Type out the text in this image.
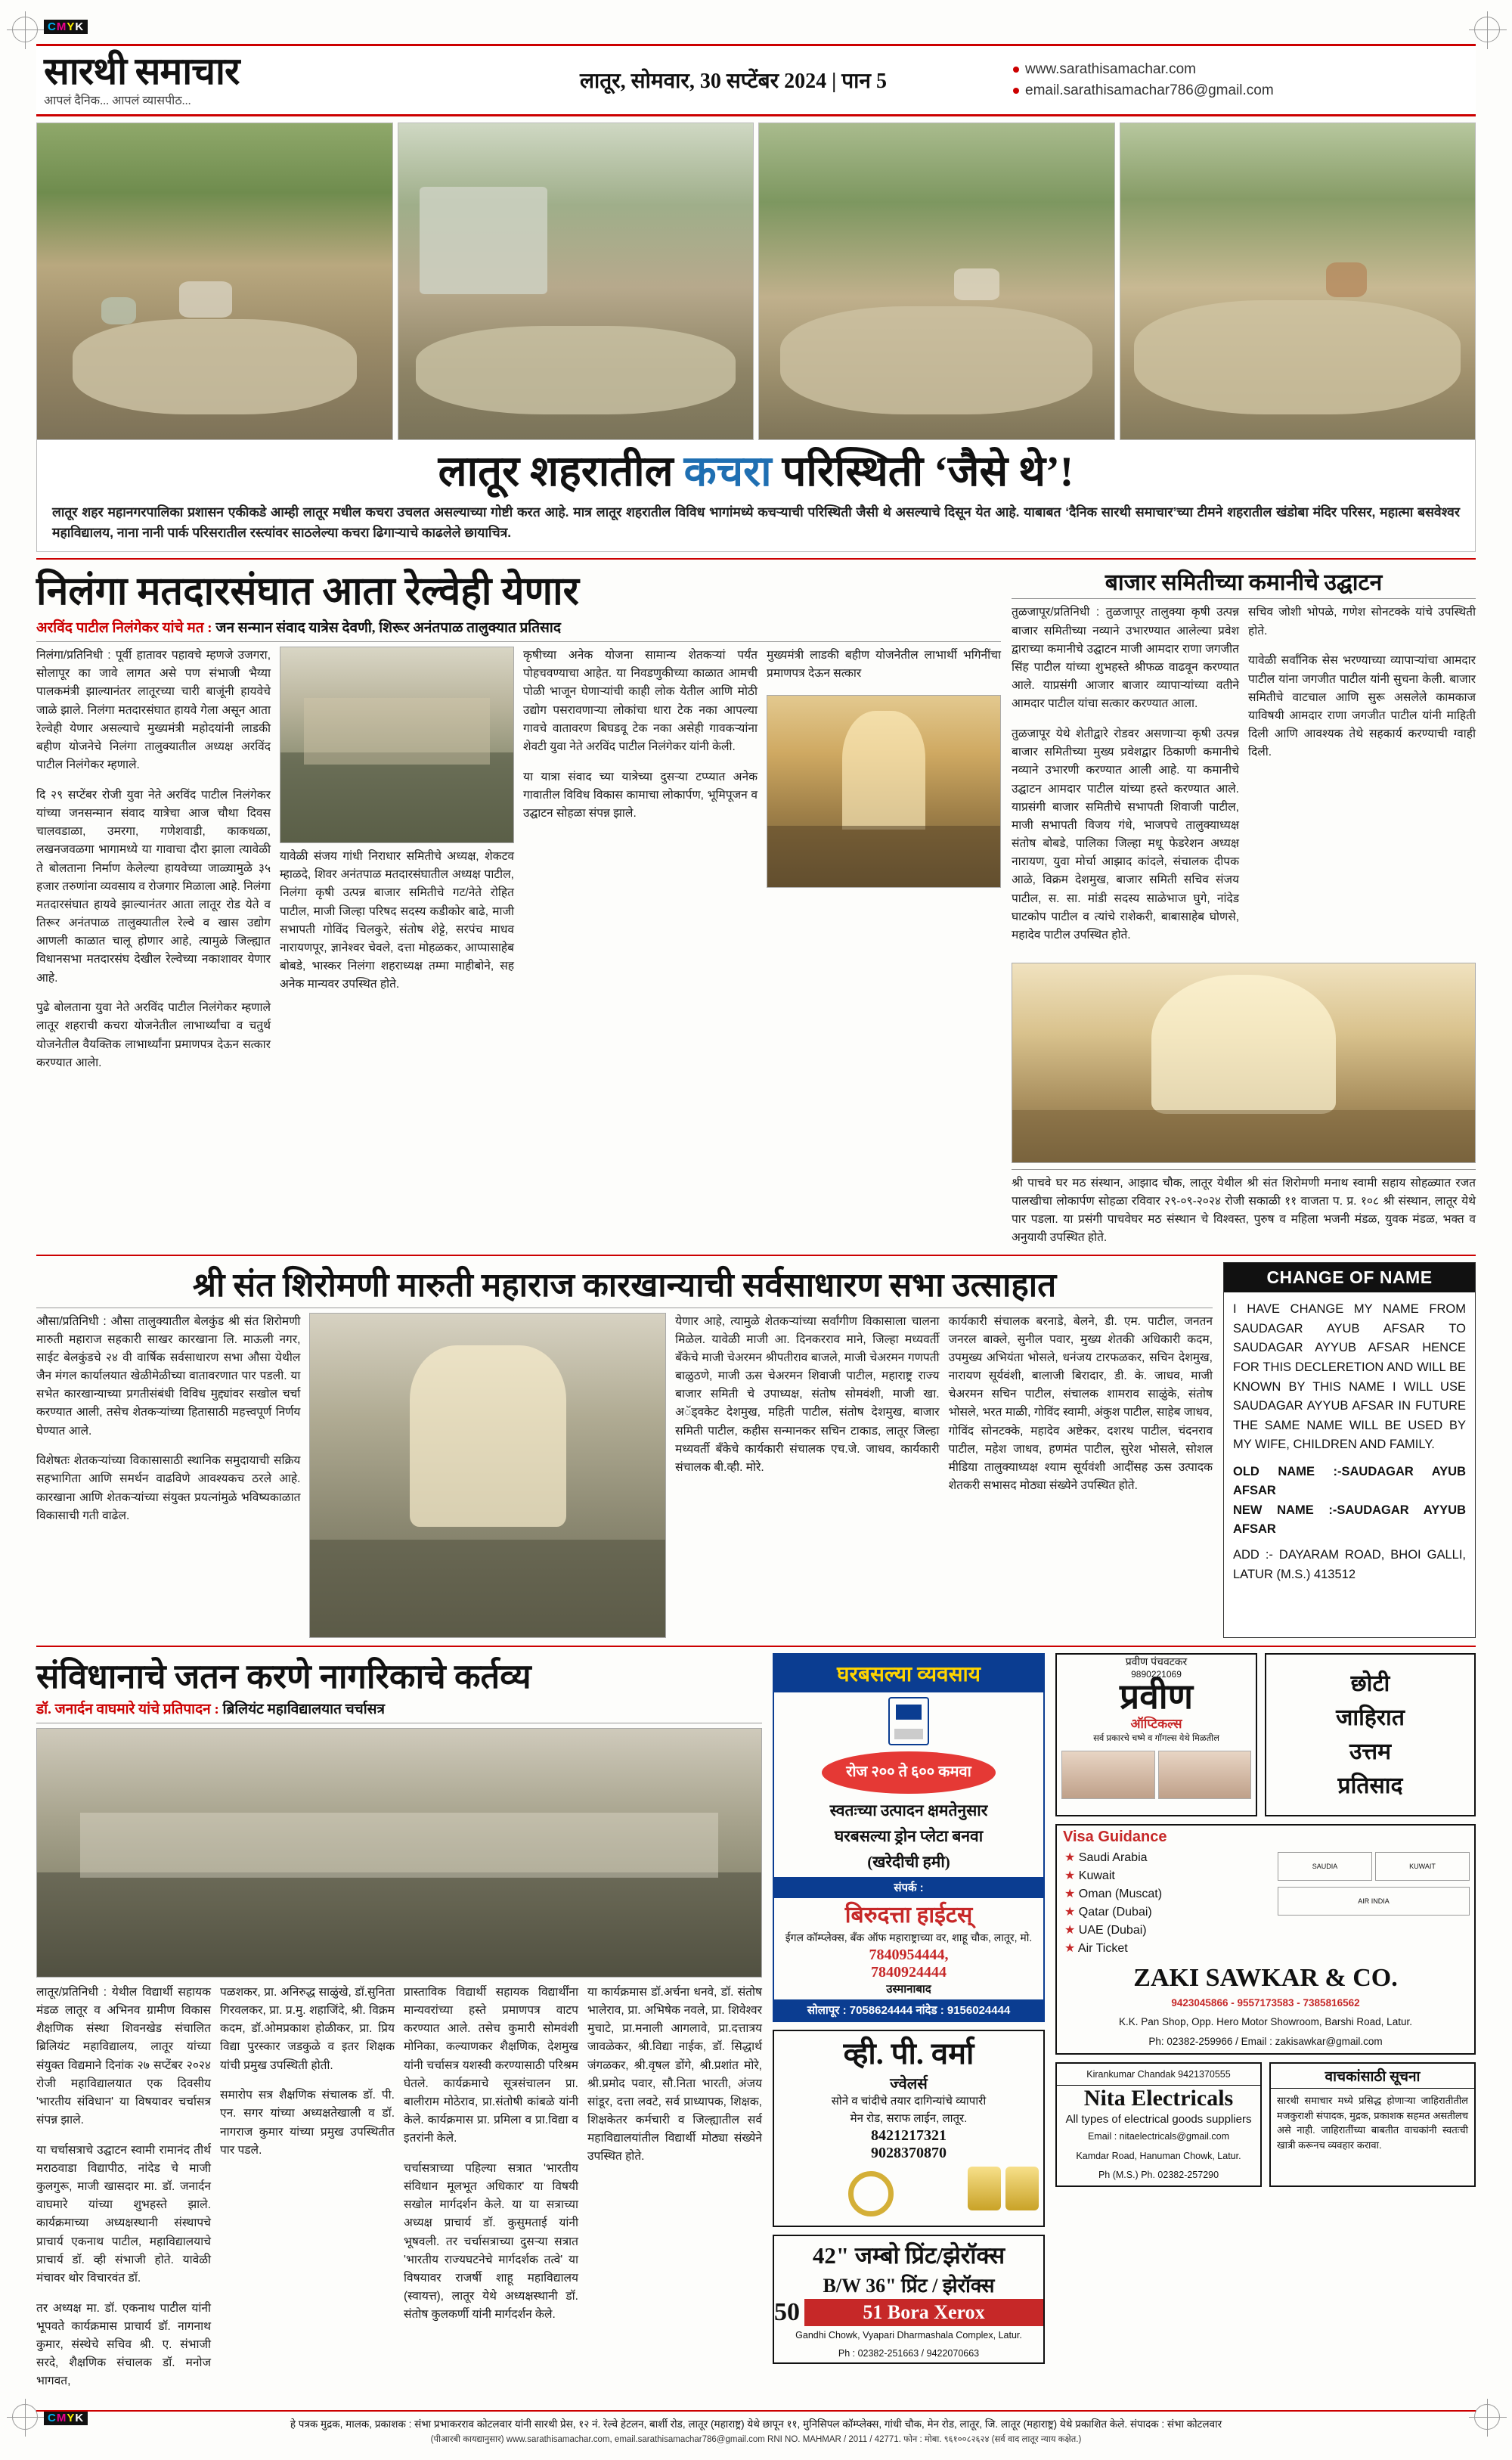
CMYK
CMYK
सारथी समाचार
आपलं दैनिक... आपलं व्यासपीठ...
लातूर, सोमवार, 30 सप्टेंबर 2024 | पान 5
www.sarathisamachar.com
email.sarathisamachar786@gmail.com
लातूर शहरातील कचरा परिस्थिती ‘जैसे थे’!

लातूर शहर महानगरपालिका प्रशासन एकीकडे आम्ही लातूर मधील कचरा उचलत असल्याच्या गोष्टी करत आहे. मात्र लातूर शहरातील विविध भागांमध्ये कचऱ्याची परिस्थिती जैसी थे असल्याचे दिसून येत आहे. याबाबत ‘दैनिक सारथी समाचार’च्या टीमने शहरातील खंडोबा मंदिर परिसर, महात्मा बसवेश्वर महाविद्यालय, नाना नानी पार्क परिसरातील रस्त्यांवर साठलेल्या कचरा ढिगाऱ्याचे काढलेले छायाचित्र.

निलंगा मतदारसंघात आता रेल्वेही येणार
अरविंद पाटील निलंगेकर यांचे मत : जन सन्मान संवाद यात्रेस देवणी, शिरूर अनंतपाळ तालुक्यात प्रतिसाद

निलंगा/प्रतिनिधी : पूर्वी हातावर पहावचे म्हणजे उजगरा, सोलापूर का जावे लागत असे पण संभाजी भैय्या पालकमंत्री झाल्यानंतर लातूरच्या चारी बाजूंनी हायवेचे जाळे झाले. निलंगा मतदारसंघात हायवे गेला असून आता रेल्वेही येणार असल्याचे मुख्यमंत्री महोदयांनी लाडकी बहीण योजनेचे निलंगा तालुक्यातील अध्यक्ष अरविंद पाटील निलंगेकर म्हणाले.

दि २९ सप्टेंबर रोजी युवा नेते अरविंद पाटील निलंगेकर यांच्या जनसन्मान संवाद यात्रेचा आज चौथा दिवस चालवडाळा, उमरगा, गणेशवाडी, काकधळा, लखनजवळगा भागामध्ये या गावाचा दौरा झाला त्यावेळी ते बोलताना निर्माण केलेल्या हायवेच्या जाळ्यामुळे ३५ हजार तरुणांना व्यवसाय व रोजगार मिळाला आहे. निलंगा मतदारसंघात हायवे झाल्यानंतर आता लातूर रोड येते व तिरूर अनंतपाळ तालुक्यातील रेल्वे व खास उद्योग आणली काळात चालू होणार आहे, त्यामुळे जिल्ह्यात विधानसभा मतदारसंघ देखील रेल्वेच्या नकाशावर येणार आहे.

पुढे बोलताना युवा नेते अरविंद पाटील निलंगेकर म्हणाले लातूर शहराची कचरा योजनेतील लाभार्थ्यांचा व चतुर्थ योजनेतील वैयक्तिक लाभार्थ्यांना प्रमाणपत्र देऊन सत्कार करण्यात आलेा.

यावेळी संजय गांधी निराधार समितीचे अध्यक्ष, शेकटव म्हाळदे, शिवर अनंतपाळ मतदारसंघातील अध्यक्ष पाटील, निलंगा कृषी उत्पन्न बाजार समितीचे गट/नेते रोहित पाटील, माजी जिल्हा परिषद सदस्य कडीकोर बाढे, माजी सभापती गोविंद चिलकुरे, संतोष शेट्टे, सरपंच माधव नारायणपूर, ज्ञानेश्वर चेवले, दत्ता मोहळकर, आप्पासाहेब बोबडे, भास्कर निलंगा शहराध्यक्ष तम्मा माहीबोने, सह अनेक मान्यवर उपस्थित होते.

कृषीच्या अनेक योजना सामान्य शेतकऱ्यां पर्यंत पोहचवण्याचा आहेत. या निवडणुकीच्या काळात आमची पोळी भाजून घेणाऱ्यांची काही लोक येतील आणि मोठी उद्योग पसरावणाऱ्या लोकांचा धारा टेक नका आपल्या गावचे वातावरण बिघडवू टेक नका असेही गावकऱ्यांना शेवटी युवा नेते अरविंद पाटील निलंगेकर यांनी केली.

या यात्रा संवाद च्या यात्रेच्या दुसऱ्या टप्प्यात अनेक गावातील विविध विकास कामाचा लोकार्पण, भूमिपूजन व उद्घाटन सोहळा संपन्न झाले.

मुख्यमंत्री लाडकी बहीण योजनेतील लाभार्थी भगिनींचा प्रमाणपत्र देऊन सत्कार

बाजार समितीच्या कमानीचे उद्घाटन

तुळजापूर/प्रतिनिधी : तुळजापूर तालुक्या कृषी उत्पन्न बाजार समितीच्या नव्याने उभारण्यात आलेल्या प्रवेश द्वाराच्या कमानीचे उद्घाटन माजी आमदार राणा जगजीत सिंह पाटील यांच्या शुभहस्ते श्रीफळ वाढवून करण्यात आले. याप्रसंगी आजार बाजार व्यापाऱ्यांच्या वतीने आमदार पाटील यांचा सत्कार करण्यात आला.

तुळजापूर येथे शेतीद्वारे रोडवर असणाऱ्या कृषी उत्पन्न बाजार समितीच्या मुख्य प्रवेशद्वार ठिकाणी कमानीचे नव्याने उभारणी करण्यात आली आहे. या कमानीचे उद्घाटन आमदार पाटील यांच्या हस्ते करण्यात आले. याप्रसंगी बाजार समितीचे सभापती शिवाजी पाटील, माजी सभापती विजय गंधे, भाजपचे तालुक्याध्यक्ष संतोष बोबडे, पालिका जिल्हा मधू फेडरेशन अध्यक्ष नारायण, युवा मोर्चा आझाद कांदले, संचालक दीपक आळे, विक्रम देशमुख, बाजार समिती सचिव संजय पाटील, स. सा. मांडी सदस्य साळेभाज घुगे, नांदेड घाटकोप पाटील व त्यांचे राशेकरी, बाबासाहेब घोणसे, महादेव पाटील उपस्थित होते.

सचिव जोशी भोपळे, गणेश सोनटक्के यांचे उपस्थिती होते.

यावेळी सर्वांनिक सेस भरण्याच्या व्यापाऱ्यांचा आमदार पाटील यांना जगजीत पाटील यांनी सुचना केली. बाजार समितीचे वाटचाल आणि सुरू असलेले कामकाज याविषयी आमदार राणा जगजीत पाटील यांनी माहिती दिली आणि आवश्यक तेथे सहकार्य करण्याची ग्वाही दिली.

श्री पाचवे घर मठ संस्थान, आझाद चौक, लातूर येथील श्री संत शिरोमणी मनाथ स्वामी सहाय सोहळ्यात रजत पालखीचा लोकार्पण सोहळा रविवार २९-०९-२०२४ रोजी सकाळी ११ वाजता प. प्र. १०८ श्री संस्थान, लातूर येथे पार पडला. या प्रसंगी पाचवेघर मठ संस्थान चे विश्वस्त, पुरुष व महिला भजनी मंडळ, युवक मंडळ, भक्त व अनुयायी उपस्थित होते.

श्री संत शिरोमणी मारुती महाराज कारखान्याची सर्वसाधारण सभा उत्साहात

औसा/प्रतिनिधी : औसा तालुक्यातील बेलकुंड श्री संत शिरोमणी मारुती महाराज सहकारी साखर कारखाना लि. माऊली नगर, साईट बेलकुंडचे २४ वी वार्षिक सर्वसाधारण सभा औसा येथील जैन मंगल कार्यालयात खेळीमेळीच्या वातावरणात पार पडली. या सभेत कारखान्याच्या प्रगतीसंबंधी विविध मुद्द्यांवर सखोल चर्चा करण्यात आली, तसेच शेतकऱ्यांच्या हितासाठी महत्त्वपूर्ण निर्णय घेण्यात आले.

विशेषतः शेतकऱ्यांच्या विकासासाठी स्थानिक समुदायाची सक्रिय सहभागिता आणि समर्थन वाढविणे आवश्यकच ठरले आहे. कारखाना आणि शेतकऱ्यांच्या संयुक्त प्रयत्नांमुळे भविष्यकाळात विकासाची गती वाढेल.

येणार आहे, त्यामुळे शेतकऱ्यांच्या सर्वांगीण विकासाला चालना मिळेल. यावेळी माजी आ. दिनकरराव माने, जिल्हा मध्यवर्ती बँकेचे माजी चेअरमन श्रीपतीराव बाजले, माजी चेअरमन गणपती बाळुठणे, माजी ऊस चेअरमन शिवाजी पाटील, महाराष्ट्र राज्य बाजार समिती चे उपाध्यक्ष, संतोष सोमवंशी, माजी खा. अॅड्वकेट देशमुख, महिती पाटील, संतोष देशमुख, बाजार समिती पाटील, कहीस सन्मानकर सचिन टाकाड, लातूर जिल्हा मध्यवर्ती बँकेचे कार्यकारी संचालक एच.जे. जाधव, कार्यकारी संचालक बी.व्ही. मोरे.

कार्यकारी संचालक बरनाडे, बेलने, डी. एम. पाटील, जनतन जनरल बाक्ले, सुनील पवार, मुख्य शेतकी अधिकारी कदम, उपमुख्य अभियंता भोसले, धनंजय टारफळकर, सचिन देशमुख, नारायण सूर्यवंशी, बालाजी बिरादार, डी. के. जाधव, माजी चेअरमन सचिन पाटील, संचालक शामराव साळुंके, संतोष भोसले, भरत माळी, गोविंद स्वामी, अंकुश पाटील, साहेब जाधव, गोविंद सोनटक्के, महादेव अष्टेकर, दशरथ पाटील, चंदनराव पाटील, महेश जाधव, हणमंत पाटील, सुरेश भोसले, सोशल मीडिया तालुक्याध्यक्ष श्याम सूर्यवंशी आदींसह ऊस उत्पादक शेतकरी सभासद मोठ्या संख्येने उपस्थित होते.

CHANGE OF NAME
I HAVE CHANGE MY NAME FROM SAUDAGAR AYUB AFSAR TO SAUDAGAR AYYUB AFSAR HENCE FOR THIS DECLERETION AND WILL BE KNOWN BY THIS NAME I WILL USE SAUDAGAR AYYUB AFSAR IN FUTURE THE SAME NAME WILL BE USED BY MY WIFE, CHILDREN AND FAMILY.
OLD NAME :-SAUDAGAR AYUB AFSAR
NEW NAME :-SAUDAGAR AYYUB AFSAR
ADD :- DAYARAM ROAD, BHOI GALLI, LATUR (M.S.) 413512
संविधानाचे जतन करणे नागरिकाचे कर्तव्य
डॉ. जनार्दन वाघमारे यांचे प्रतिपादन : ब्रिलियंट महाविद्यालयात चर्चासत्र

लातूर/प्रतिनिधी : येथील विद्यार्थी सहायक मंडळ लातूर व अभिनव ग्रामीण विकास शैक्षणिक संस्था शिवनखेड संचालित ब्रिलियंट महाविद्यालय, लातूर यांच्या संयुक्त विद्यमाने दिनांक २७ सप्टेंबर २०२४ रोजी महाविद्यालयात एक दिवसीय 'भारतीय संविधान' या विषयावर चर्चासत्र संपन्न झाले.

या चर्चासत्राचे उद्घाटन स्वामी रामानंद तीर्थ मराठवाडा विद्यापीठ, नांदेड चे माजी कुलगुरू, माजी खासदार मा. डॉ. जनार्दन वाघमारे यांच्या शुभहस्ते झाले. कार्यक्रमाच्या अध्यक्षस्थानी संस्थापचे प्राचार्य एकनाथ पाटील, महाविद्यालयाचे प्राचार्य डॉ. व्ही संभाजी होते. यावेळी मंचावर थोर विचारवंत डॉ.

तर अध्यक्ष मा. डॉ. एकनाथ पाटील यांनी भूपवते कार्यक्रमास प्राचार्य डॉ. नागनाथ कुमार, संस्थेचे सचिव श्री. ए. संभाजी सरदे, शैक्षणिक संचालक डॉ. मनोज भागवत,

पळशकर, प्रा. अनिरुद्ध साळुंखे, डॉ.सुनिता गिरवलकर, प्रा. प्र.मु. शहाजिंदे, श्री. विक्रम कदम, डॉ.ओमप्रकाश होळीकर, प्रा. प्रिय विद्या पुरस्कार जडकुळे व इतर शिक्षक यांची प्रमुख उपस्थिती होती.

समारोप सत्र शैक्षणिक संचालक डॉ. पी. एन. सगर यांच्या अध्यक्षतेखाली व डॉ. नागराज कुमार यांच्या प्रमुख उपस्थितीत पार पडले.

प्रास्ताविक विद्यार्थी सहायक विद्यार्थींना मान्यवरांच्या हस्ते प्रमाणपत्र वाटप करण्यात आले. तसेच कुमारी सोमवंशी मोनिका, कल्याणकर शैक्षणिक, देशमुख यांनी चर्चासत्र यशस्वी करण्यासाठी परिश्रम घेतले. कार्यक्रमाचे सूत्रसंचालन प्रा. बालीराम मोठेराव, प्रा.संतोषी कांबळे यांनी केले. कार्यक्रमास प्रा. प्रमिला व प्रा.विद्या व इतरांनी केले.

चर्चासत्राच्या पहिल्या सत्रात 'भारतीय संविधान मूलभूत अधिकार' या विषयी सखोल मार्गदर्शन केले. या या सत्राच्या अध्यक्ष प्राचार्य डॉ. कुसुमताई यांनी भूषवली. तर चर्चासत्राच्या दुसऱ्या सत्रात 'भारतीय राज्यघटनेचे मार्गदर्शक तत्वे' या विषयावर राजर्षी शाहू महाविद्यालय (स्वायत्त), लातूर येथे अध्यक्षस्थानी डॉ. संतोष कुलकर्णी यांनी मार्गदर्शन केले.

या कार्यक्रमास डॉ.अर्चना धनवे, डॉ. संतोष भालेराव, प्रा. अभिषेक नवले, प्रा. शिवेश्वर मुचाटे, प्रा.मनाली आगलावे, प्रा.दत्तात्रय जावळेकर, श्री.विद्या नाईक, डॉ. सिद्धार्थ जंगळकर, श्री.वृषल डोंगे, श्री.प्रशांत मोरे, श्री.प्रमोद पवार, सौ.निता भारती, अंजय सांडूर, दत्ता लवटे, सर्व प्राध्यापक, शिक्षक, शिक्षकेतर कर्मचारी व जिल्ह्यातील सर्व महाविद्यालयांतील विद्यार्थी मोठ्या संख्येने उपस्थित होते.

घरबसल्या व्यवसाय
रोज २०० ते ६०० कमवा
स्वतःच्या उत्पादन क्षमतेनुसार
घरबसल्या ड्रोन प्लेटा बनवा
(खरेदीची हमी)
संपर्क :
बिरुदत्ता हाईटस्
ईगल कॉम्प्लेक्स, बँक ऑफ महाराष्ट्राच्या वर, शाहू चौक, लातूर, मो.
7840954444,
7840924444
उस्मानाबाद
सोलापूर : 7058624444 नांदेड : 9156024444
व्ही. पी. वर्मा
ज्वेलर्स
सोने व चांदीचे तयार दागिन्यांचे व्यापारी
मेन रोड, सराफ लाईन, लातूर.
8421217321
9028370870
42" जम्बो प्रिंट/झेरॉक्स
B/W 36" प्रिंट / झेरॉक्स
50	51 Bora Xerox
Gandhi Chowk, Vyapari Dharmashala Complex, Latur.
Ph : 02382-251663 / 9422070663
प्रवीण पंचवटकर
9890221069
प्रवीण
ऑप्टिकल्स
सर्व प्रकारचे चष्मे व गॉगल्स येथे मिळतील
छोटी
जाहिरात
उत्तम
प्रतिसाद
Visa Guidance
★ Saudi Arabia
★ Kuwait
★ Oman (Muscat)
★ Qatar (Dubai)
★ UAE (Dubai)
★ Air Ticket
SAUDIA	KUWAIT
AIR INDIA
ZAKI SAWKAR & CO.
9423045866 - 9557173583 - 7385816562
K.K. Pan Shop, Opp. Hero Motor Showroom, Barshi Road, Latur.
Ph: 02382-259966 / Email : zakisawkar@gmail.com
Kirankumar Chandak 9421370555
Nita Electricals
All types of electrical goods suppliers
Email : nitaelectricals@gmail.com
Kamdar Road, Hanuman Chowk, Latur.
Ph (M.S.) Ph. 02382-257290
वाचकांसाठी सूचना
सारथी समाचार मध्ये प्रसिद्ध होणाऱ्या जाहिरातीतील मजकुराशी संपादक, मुद्रक, प्रकाशक सहमत असतीलच असे नाही. जाहिरातींच्या बाबतीत वाचकांनी स्वतःची खात्री करूनच व्यवहार करावा.
हे पत्रक मुद्रक, मालक, प्रकाशक : संभा प्रभाकरराव कोटलवार यांनी सारथी प्रेस, १२ नं. रेल्वे हेटलन, बार्शी रोड, लातूर (महाराष्ट्र) येथे छापून ११, मुनिसिपल कॉम्प्लेक्स, गांधी चौक, मेन रोड, लातूर, जि. लातूर (महाराष्ट्र) येथे प्रकाशित केले. संपादक : संभा कोटलवार
(पीआरबी कायद्यानुसार) www.sarathisamachar.com, email.sarathisamachar786@gmail.com RNI NO. MAHMAR / 2011 / 42771. फोन : मोबा. ९६१००८२६२४ (सर्व वाद लातूर न्याय कक्षेत.)
